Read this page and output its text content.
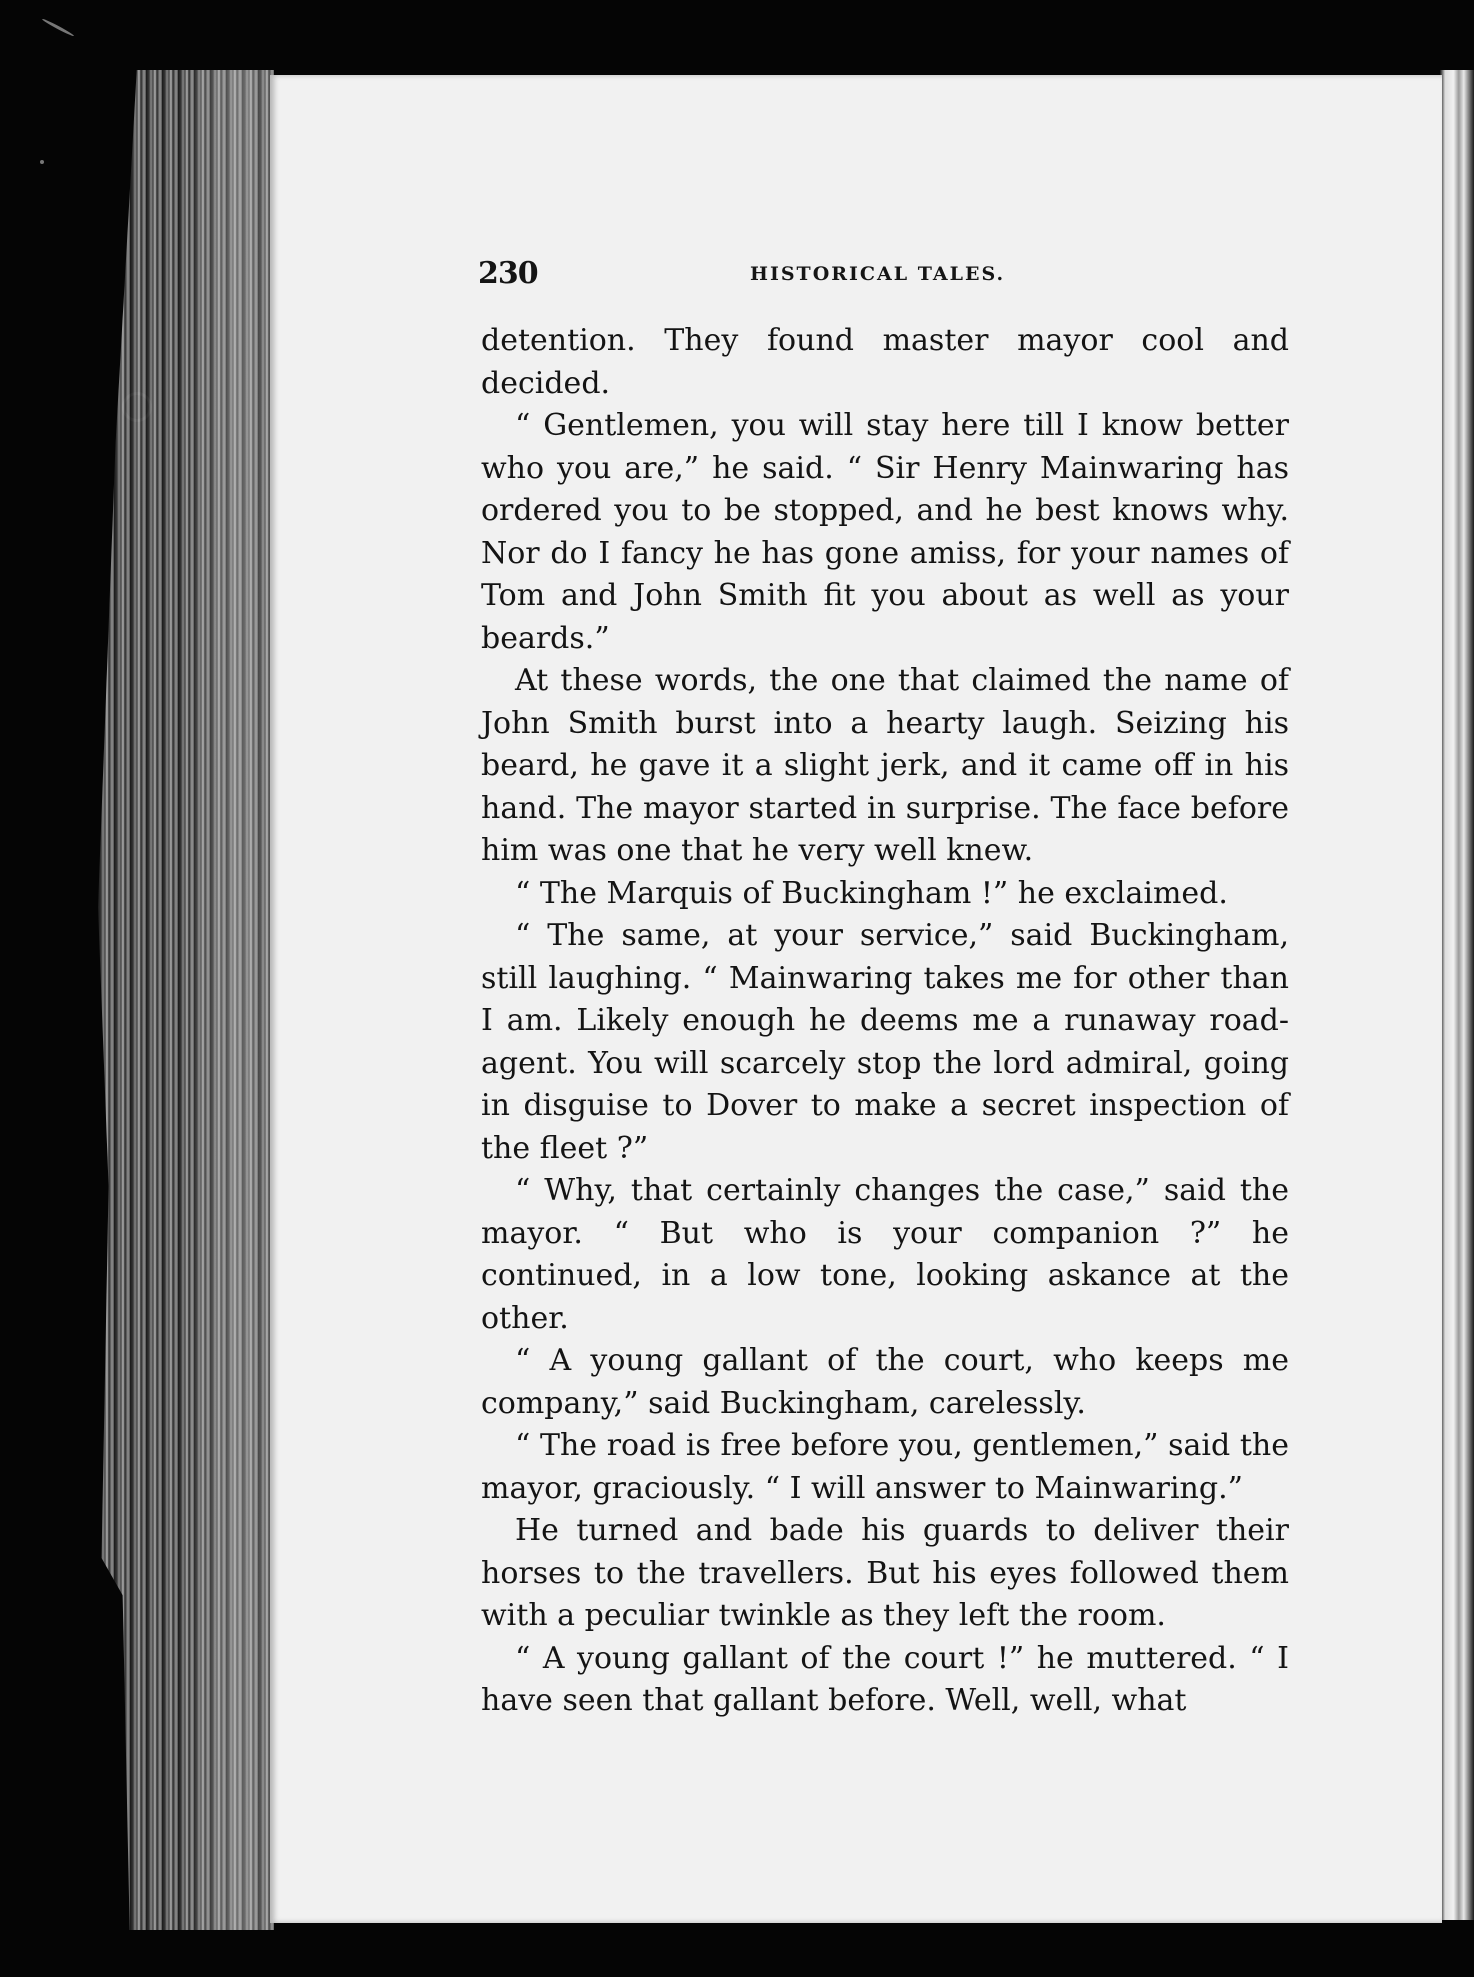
230	HISTORICAL TALES.

detention. They found master mayor cool and decided.

“ Gentlemen, you will stay here till I know better who you are,” he said. “ Sir Henry Mainwaring has ordered you to be stopped, and he best knows why. Nor do I fancy he has gone amiss, for your names of Tom and John Smith fit you about as well as your beards.”

At these words, the one that claimed the name of John Smith burst into a hearty laugh. Seizing his beard, he gave it a slight jerk, and it came off in his hand. The mayor started in surprise. The face before him was one that he very well knew.

“ The Marquis of Buckingham !” he exclaimed.

“ The same, at your service,” said Buckingham, still laughing. “ Mainwaring takes me for other than I am. Likely enough he deems me a runaway road-agent. You will scarcely stop the lord admiral, going in disguise to Dover to make a secret inspection of the fleet ?”

“ Why, that certainly changes the case,” said the mayor. “ But who is your companion ?” he continued, in a low tone, looking askance at the other.

“ A young gallant of the court, who keeps me company,” said Buckingham, carelessly.

“ The road is free before you, gentlemen,” said the mayor, graciously. “ I will answer to Mainwaring.”

He turned and bade his guards to deliver their horses to the travellers. But his eyes followed them with a peculiar twinkle as they left the room.

“ A young gallant of the court !” he muttered. “ I have seen that gallant before. Well, well, what
